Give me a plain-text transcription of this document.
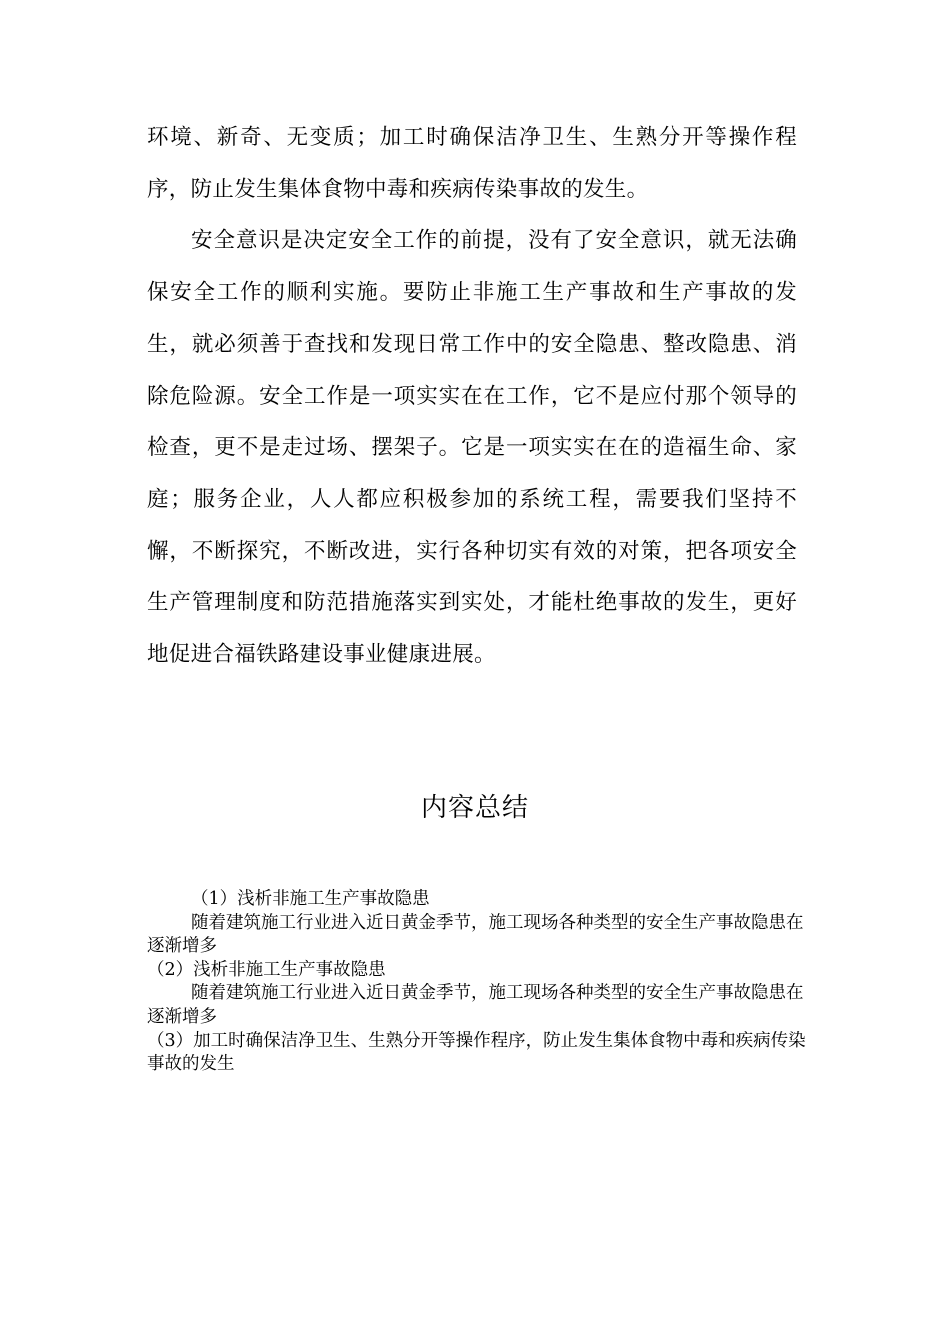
环境、新奇、无变质；加工时确保洁净卫生、生熟分开等操作程序，防止发生集体食物中毒和疾病传染事故的发生。

安全意识是决定安全工作的前提，没有了安全意识，就无法确保安全工作的顺利实施。要防止非施工生产事故和生产事故的发生，就必须善于查找和发现日常工作中的安全隐患、整改隐患、消除危险源。安全工作是一项实实在在工作，它不是应付那个领导的检查，更不是走过场、摆架子。它是一项实实在在的造福生命、家庭；服务企业，人人都应积极参加的系统工程，需要我们坚持不懈，不断探究，不断改进，实行各种切实有效的对策，把各项安全生产管理制度和防范措施落实到实处，才能杜绝事故的发生，更好地促进合福铁路建设事业健康进展。

内容总结

（1）浅析非施工生产事故隐患

随着建筑施工行业进入近日黄金季节，施工现场各种类型的安全生产事故隐患在逐渐增多

（2）浅析非施工生产事故隐患

随着建筑施工行业进入近日黄金季节，施工现场各种类型的安全生产事故隐患在逐渐增多

（3）加工时确保洁净卫生、生熟分开等操作程序，防止发生集体食物中毒和疾病传染事故的发生
